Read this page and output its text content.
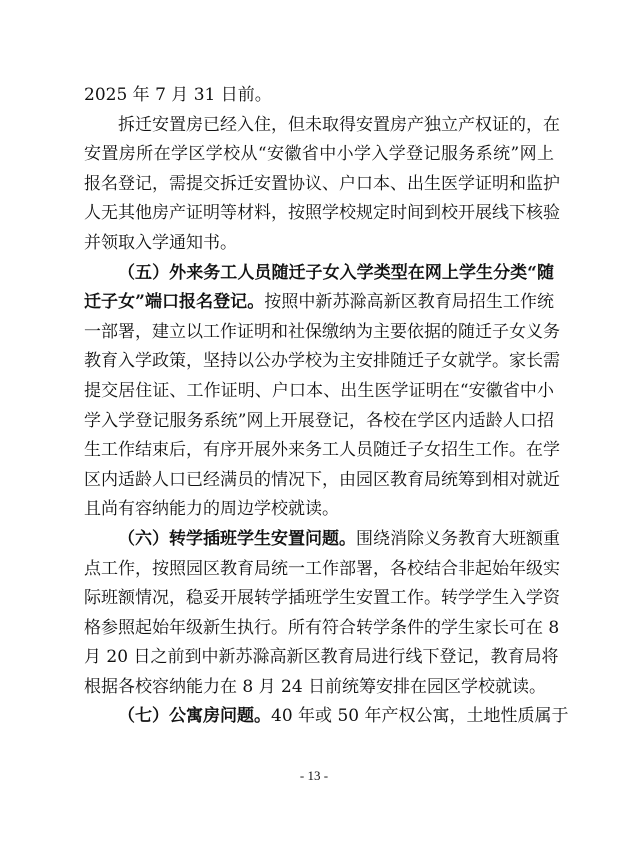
2025 年 7 月 31 日前。
拆迁安置房已经入住，但未取得安置房产独立产权证的，在
安置房所在学区学校从“安徽省中小学入学登记服务系统”网上
报名登记，需提交拆迁安置协议、户口本、出生医学证明和监护
人无其他房产证明等材料，按照学校规定时间到校开展线下核验
并领取入学通知书。
（五）外来务工人员随迁子女入学类型在网上学生分类“随
迁子女”端口报名登记。按照中新苏滁高新区教育局招生工作统
一部署，建立以工作证明和社保缴纳为主要依据的随迁子女义务
教育入学政策，坚持以公办学校为主安排随迁子女就学。家长需
提交居住证、工作证明、户口本、出生医学证明在“安徽省中小
学入学登记服务系统”网上开展登记，各校在学区内适龄人口招
生工作结束后，有序开展外来务工人员随迁子女招生工作。在学
区内适龄人口已经满员的情况下，由园区教育局统筹到相对就近
且尚有容纳能力的周边学校就读。
（六）转学插班学生安置问题。围绕消除义务教育大班额重
点工作，按照园区教育局统一工作部署，各校结合非起始年级实
际班额情况，稳妥开展转学插班学生安置工作。转学学生入学资
格参照起始年级新生执行。所有符合转学条件的学生家长可在 8
月 20 日之前到中新苏滁高新区教育局进行线下登记，教育局将
根据各校容纳能力在 8 月 24 日前统筹安排在园区学校就读。
（七）公寓房问题。40 年或 50 年产权公寓，土地性质属于
- 13 -
